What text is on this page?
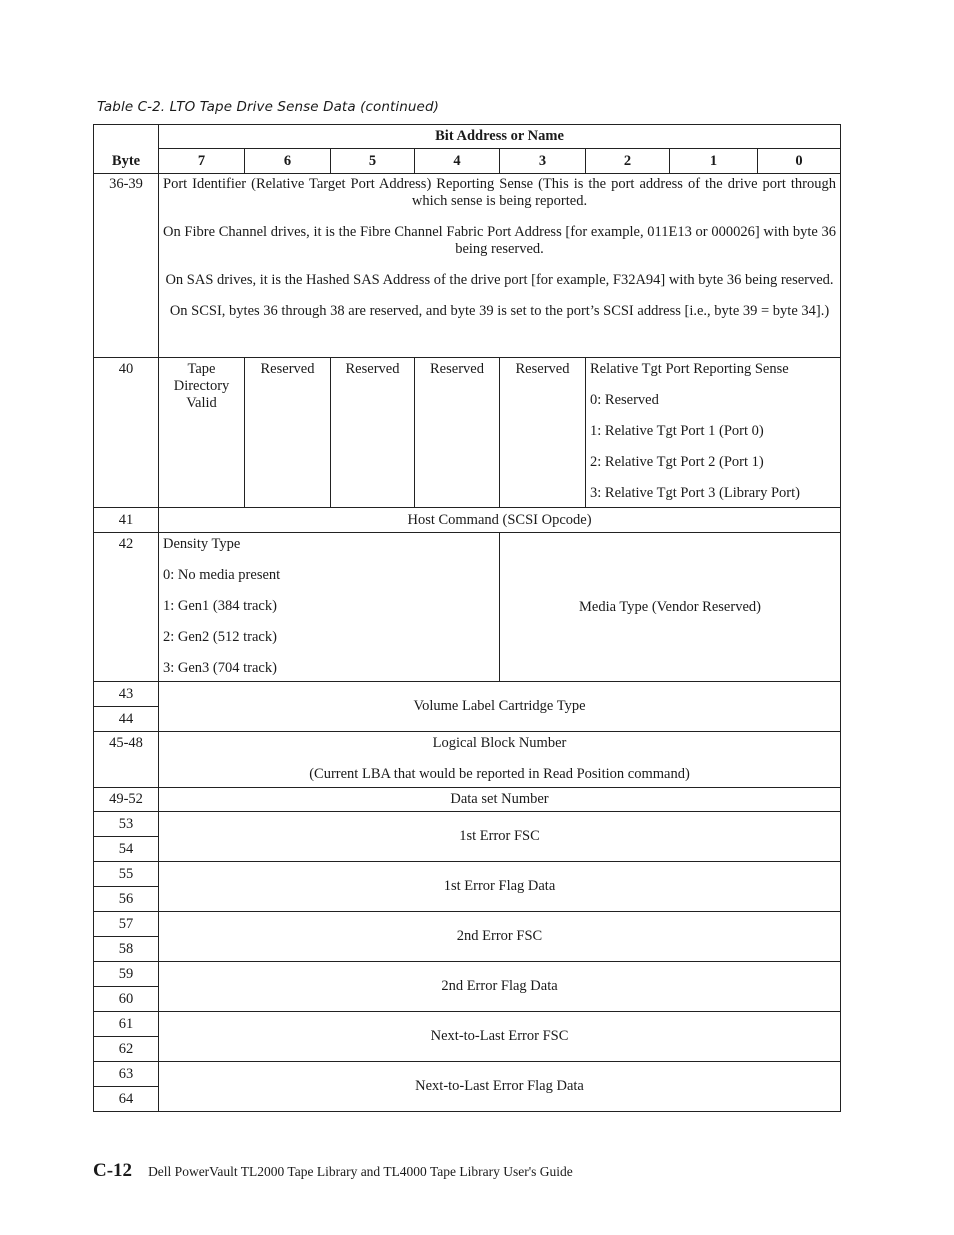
Table C-2. LTO Tape Drive Sense Data (continued)
Byte	Bit Address or Name							
	7	6	5	4	3	2	1	0
36-39	Port Identifier (Relative Target Port Address) Reporting Sense (This is the port address of the drive port through which sense is being reported.

On Fibre Channel drives, it is the Fibre Channel Fabric Port Address [for example, 011E13 or 000026] with byte 36 being reserved.

On SAS drives, it is the Hashed SAS Address of the drive port [for example, F32A94] with byte 36 being reserved.

On SCSI, bytes 36 through 38 are reserved, and byte 39 is set to the port’s SCSI address [i.e., byte 39 = byte 34].)							

40	Tape Directory Valid	Reserved	Reserved	Reserved	Reserved	Relative Tgt Port Reporting Sense

0: Reserved

1: Relative Tgt Port 1 (Port 0)

2: Relative Tgt Port 2 (Port 1)

3: Relative Tgt Port 3 (Library Port)		

41	Host Command (SCSI Opcode)							
42	Density Type

0: No media present

1: Gen1 (384 track)

2: Gen2 (512 track)

3: Gen3 (704 track)				Media Type (Vendor Reserved)			
43	Volume Label Cartridge Type							
44								
45-48	Logical Block Number

(Current LBA that would be reported in Read Position command)							

49-52	Data set Number							
53	1st Error FSC							
54								
55	1st Error Flag Data							
56								
57	2nd Error FSC							
58								
59	2nd Error Flag Data							
60								
61	Next-to-Last Error FSC							
62								
63	Next-to-Last Error Flag Data							
64								
C-12 Dell PowerVault TL2000 Tape Library and TL4000 Tape Library User's Guide
